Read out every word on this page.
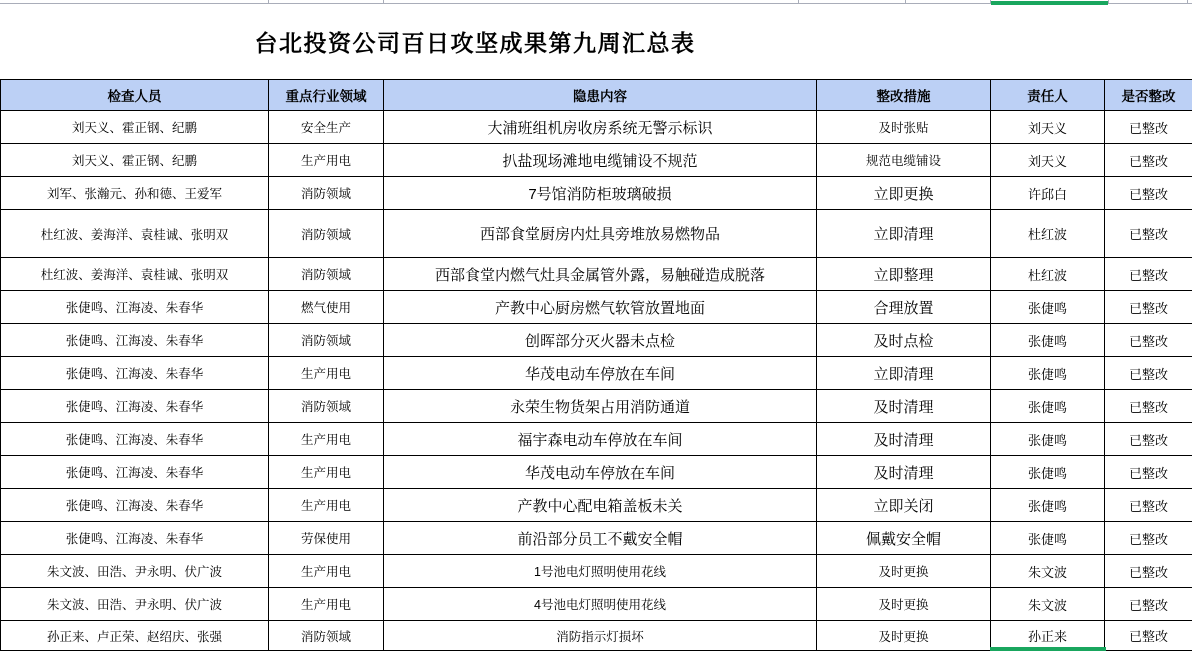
台北投资公司百日攻坚成果第九周汇总表
检查人员	重点行业领域	隐患内容	整改措施	责任人	是否整改
刘天义、霍正钢、纪鹏	安全生产	大浦班组机房收房系统无警示标识	及时张贴	刘天义	已整改
刘天义、霍正钢、纪鹏	生产用电	扒盐现场滩地电缆铺设不规范	规范电缆铺设	刘天义	已整改
刘军、张瀚元、孙和德、王爱军	消防领域	7号馆消防柜玻璃破损	立即更换	许邱白	已整改
杜红波、姜海洋、袁桂诚、张明双	消防领域	西部食堂厨房内灶具旁堆放易燃物品	立即清理	杜红波	已整改
杜红波、姜海洋、袁桂诚、张明双	消防领域	西部食堂内燃气灶具金属管外露，易触碰造成脱落	立即整理	杜红波	已整改
张倢鸣、江海凌、朱春华	燃气使用	产教中心厨房燃气软管放置地面	合理放置	张倢鸣	已整改
张倢鸣、江海凌、朱春华	消防领域	创晖部分灭火器未点检	及时点检	张倢鸣	已整改
张倢鸣、江海凌、朱春华	生产用电	华茂电动车停放在车间	立即清理	张倢鸣	已整改
张倢鸣、江海凌、朱春华	消防领域	永荣生物货架占用消防通道	及时清理	张倢鸣	已整改
张倢鸣、江海凌、朱春华	生产用电	福宇森电动车停放在车间	及时清理	张倢鸣	已整改
张倢鸣、江海凌、朱春华	生产用电	华茂电动车停放在车间	及时清理	张倢鸣	已整改
张倢鸣、江海凌、朱春华	生产用电	产教中心配电箱盖板未关	立即关闭	张倢鸣	已整改
张倢鸣、江海凌、朱春华	劳保使用	前沿部分员工不戴安全帽	佩戴安全帽	张倢鸣	已整改
朱文波、田浩、尹永明、伏广波	生产用电	1号池电灯照明使用花线	及时更换	朱文波	已整改
朱文波、田浩、尹永明、伏广波	生产用电	4号池电灯照明使用花线	及时更换	朱文波	已整改
孙正来、卢正荣、赵绍庆、张强	消防领域	消防指示灯损坏	及时更换	孙正来	已整改
